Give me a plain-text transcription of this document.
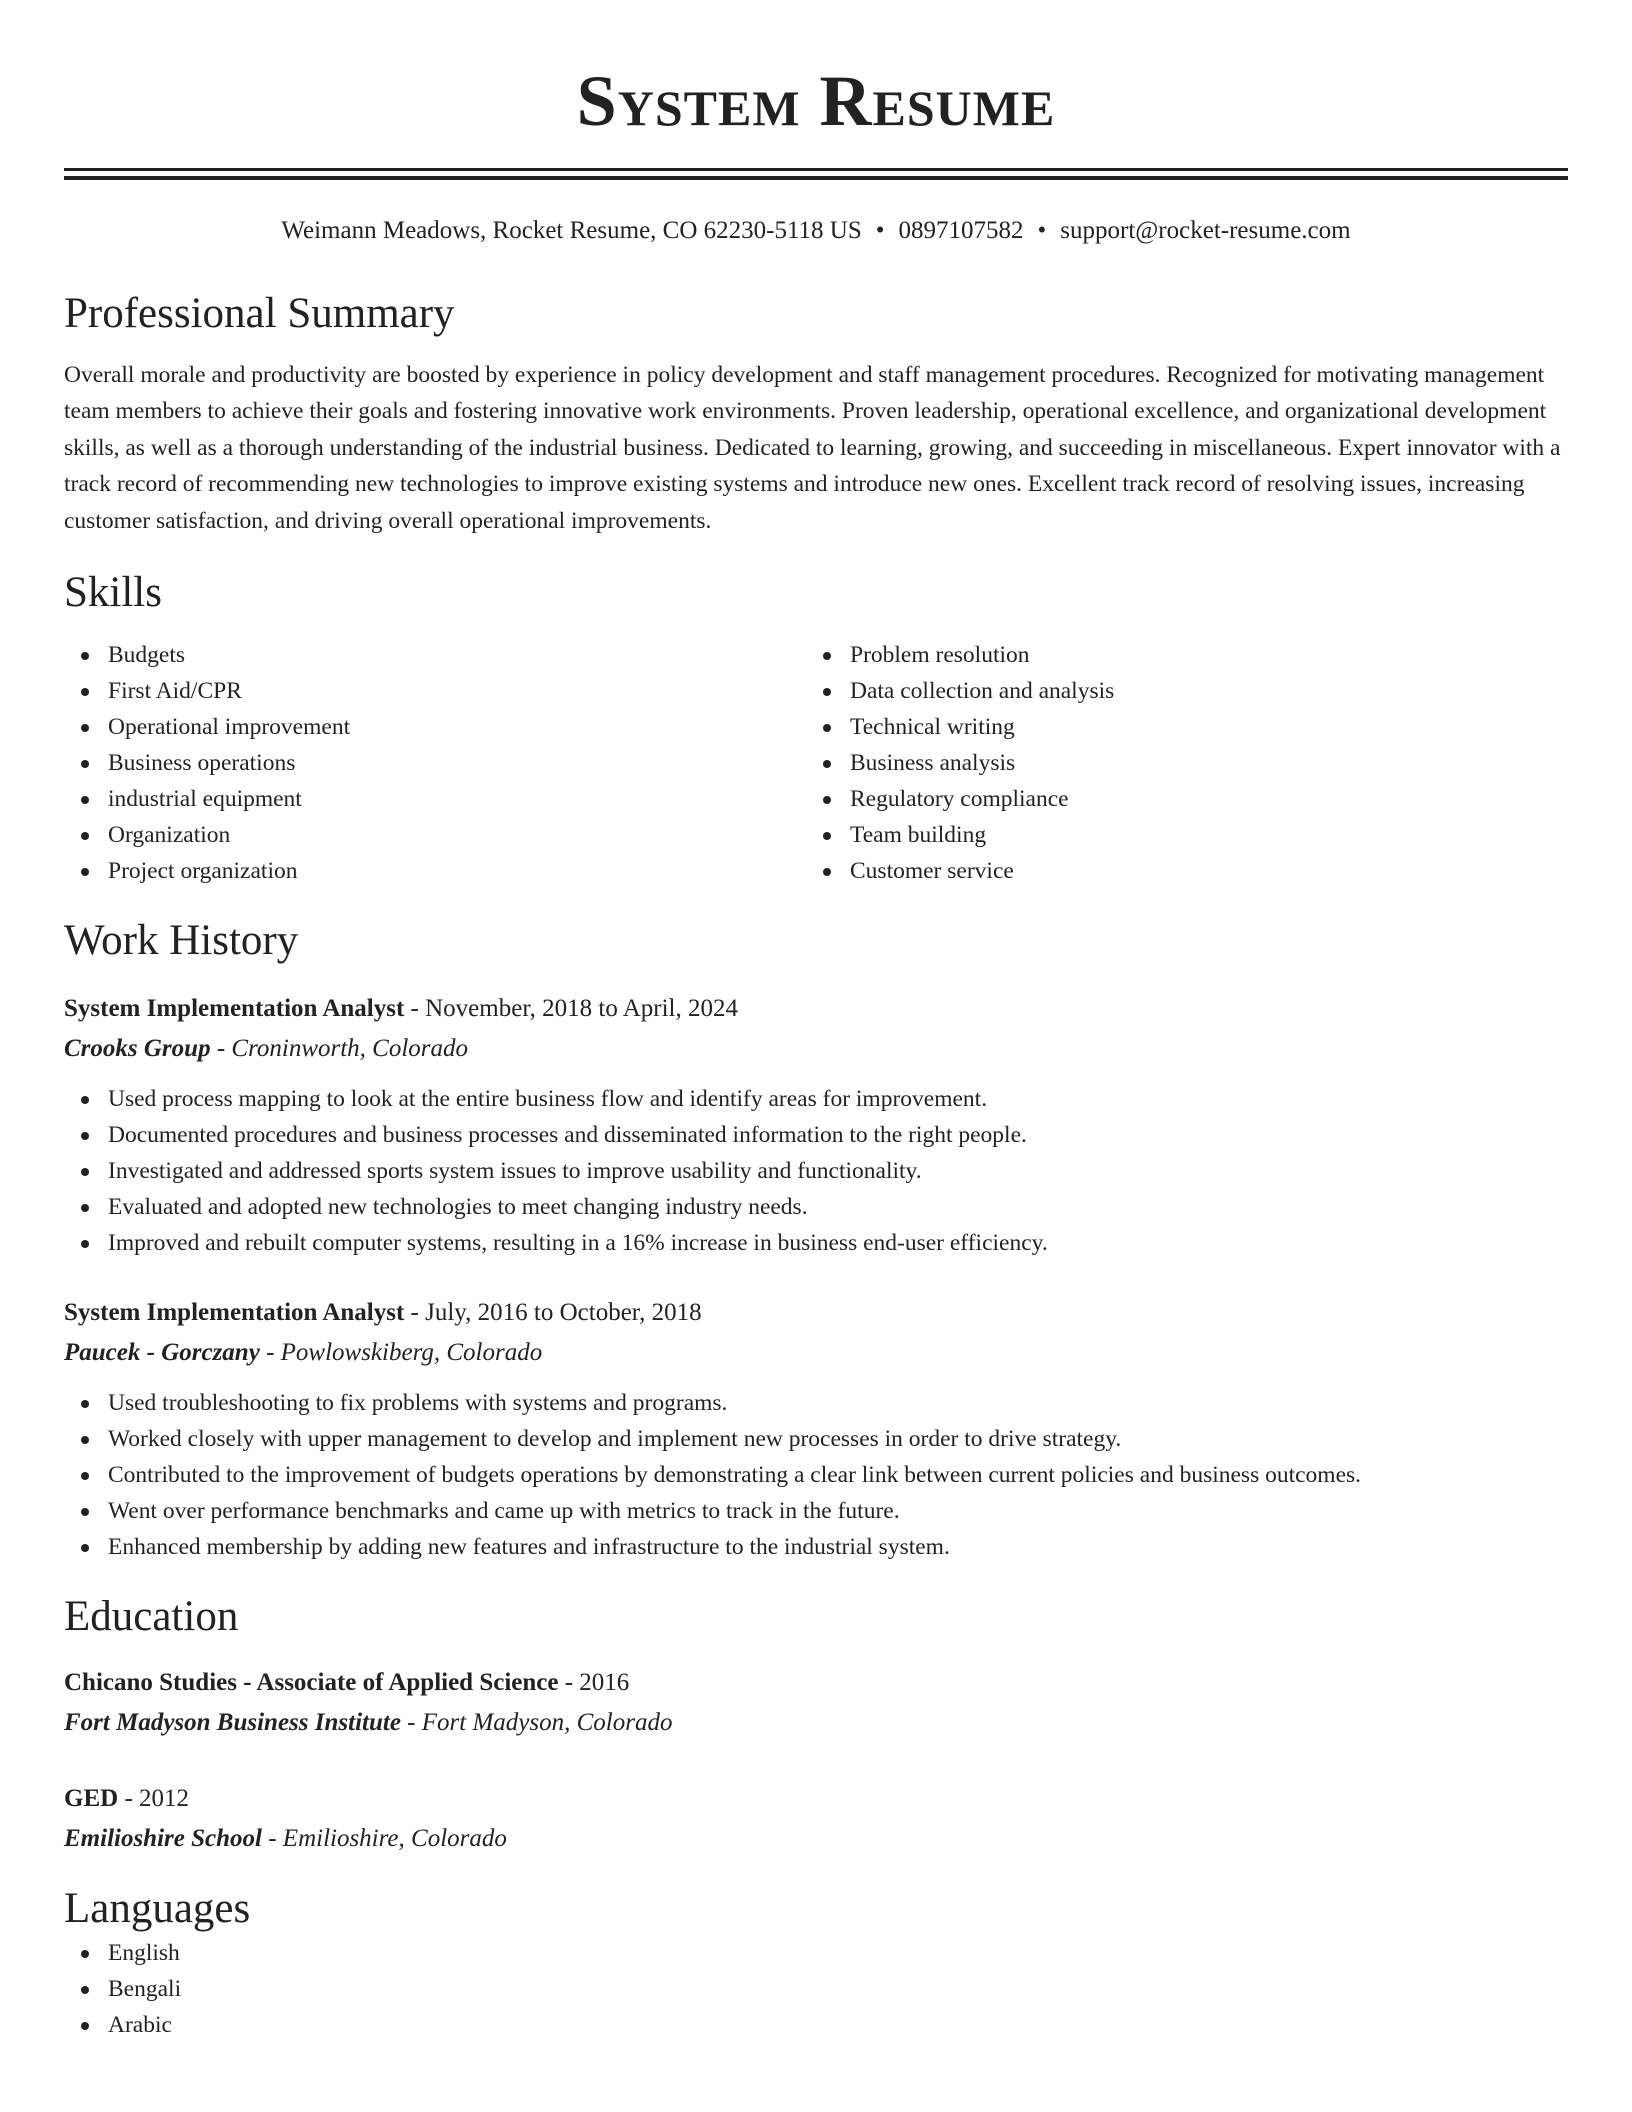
System Resume
Weimann Meadows, Rocket Resume, CO 62230-5118 US • 0897107582 • support@rocket-resume.com
Professional Summary
Overall morale and productivity are boosted by experience in policy development and staff management procedures. Recognized for motivating management team members to achieve their goals and fostering innovative work environments. Proven leadership, operational excellence, and organizational development skills, as well as a thorough understanding of the industrial business. Dedicated to learning, growing, and succeeding in miscellaneous. Expert innovator with a track record of recommending new technologies to improve existing systems and introduce new ones. Excellent track record of resolving issues, increasing customer satisfaction, and driving overall operational improvements.
Skills
Budgets
First Aid/CPR
Operational improvement
Business operations
industrial equipment
Organization
Project organization
Problem resolution
Data collection and analysis
Technical writing
Business analysis
Regulatory compliance
Team building
Customer service
Work History
System Implementation Analyst - November, 2018 to April, 2024
Crooks Group - Croninworth, Colorado
Used process mapping to look at the entire business flow and identify areas for improvement.
Documented procedures and business processes and disseminated information to the right people.
Investigated and addressed sports system issues to improve usability and functionality.
Evaluated and adopted new technologies to meet changing industry needs.
Improved and rebuilt computer systems, resulting in a 16% increase in business end-user efficiency.
System Implementation Analyst - July, 2016 to October, 2018
Paucek - Gorczany - Powlowskiberg, Colorado
Used troubleshooting to fix problems with systems and programs.
Worked closely with upper management to develop and implement new processes in order to drive strategy.
Contributed to the improvement of budgets operations by demonstrating a clear link between current policies and business outcomes.
Went over performance benchmarks and came up with metrics to track in the future.
Enhanced membership by adding new features and infrastructure to the industrial system.
Education
Chicano Studies - Associate of Applied Science - 2016
Fort Madyson Business Institute - Fort Madyson, Colorado
GED - 2012
Emilioshire School - Emilioshire, Colorado
Languages
English
Bengali
Arabic
